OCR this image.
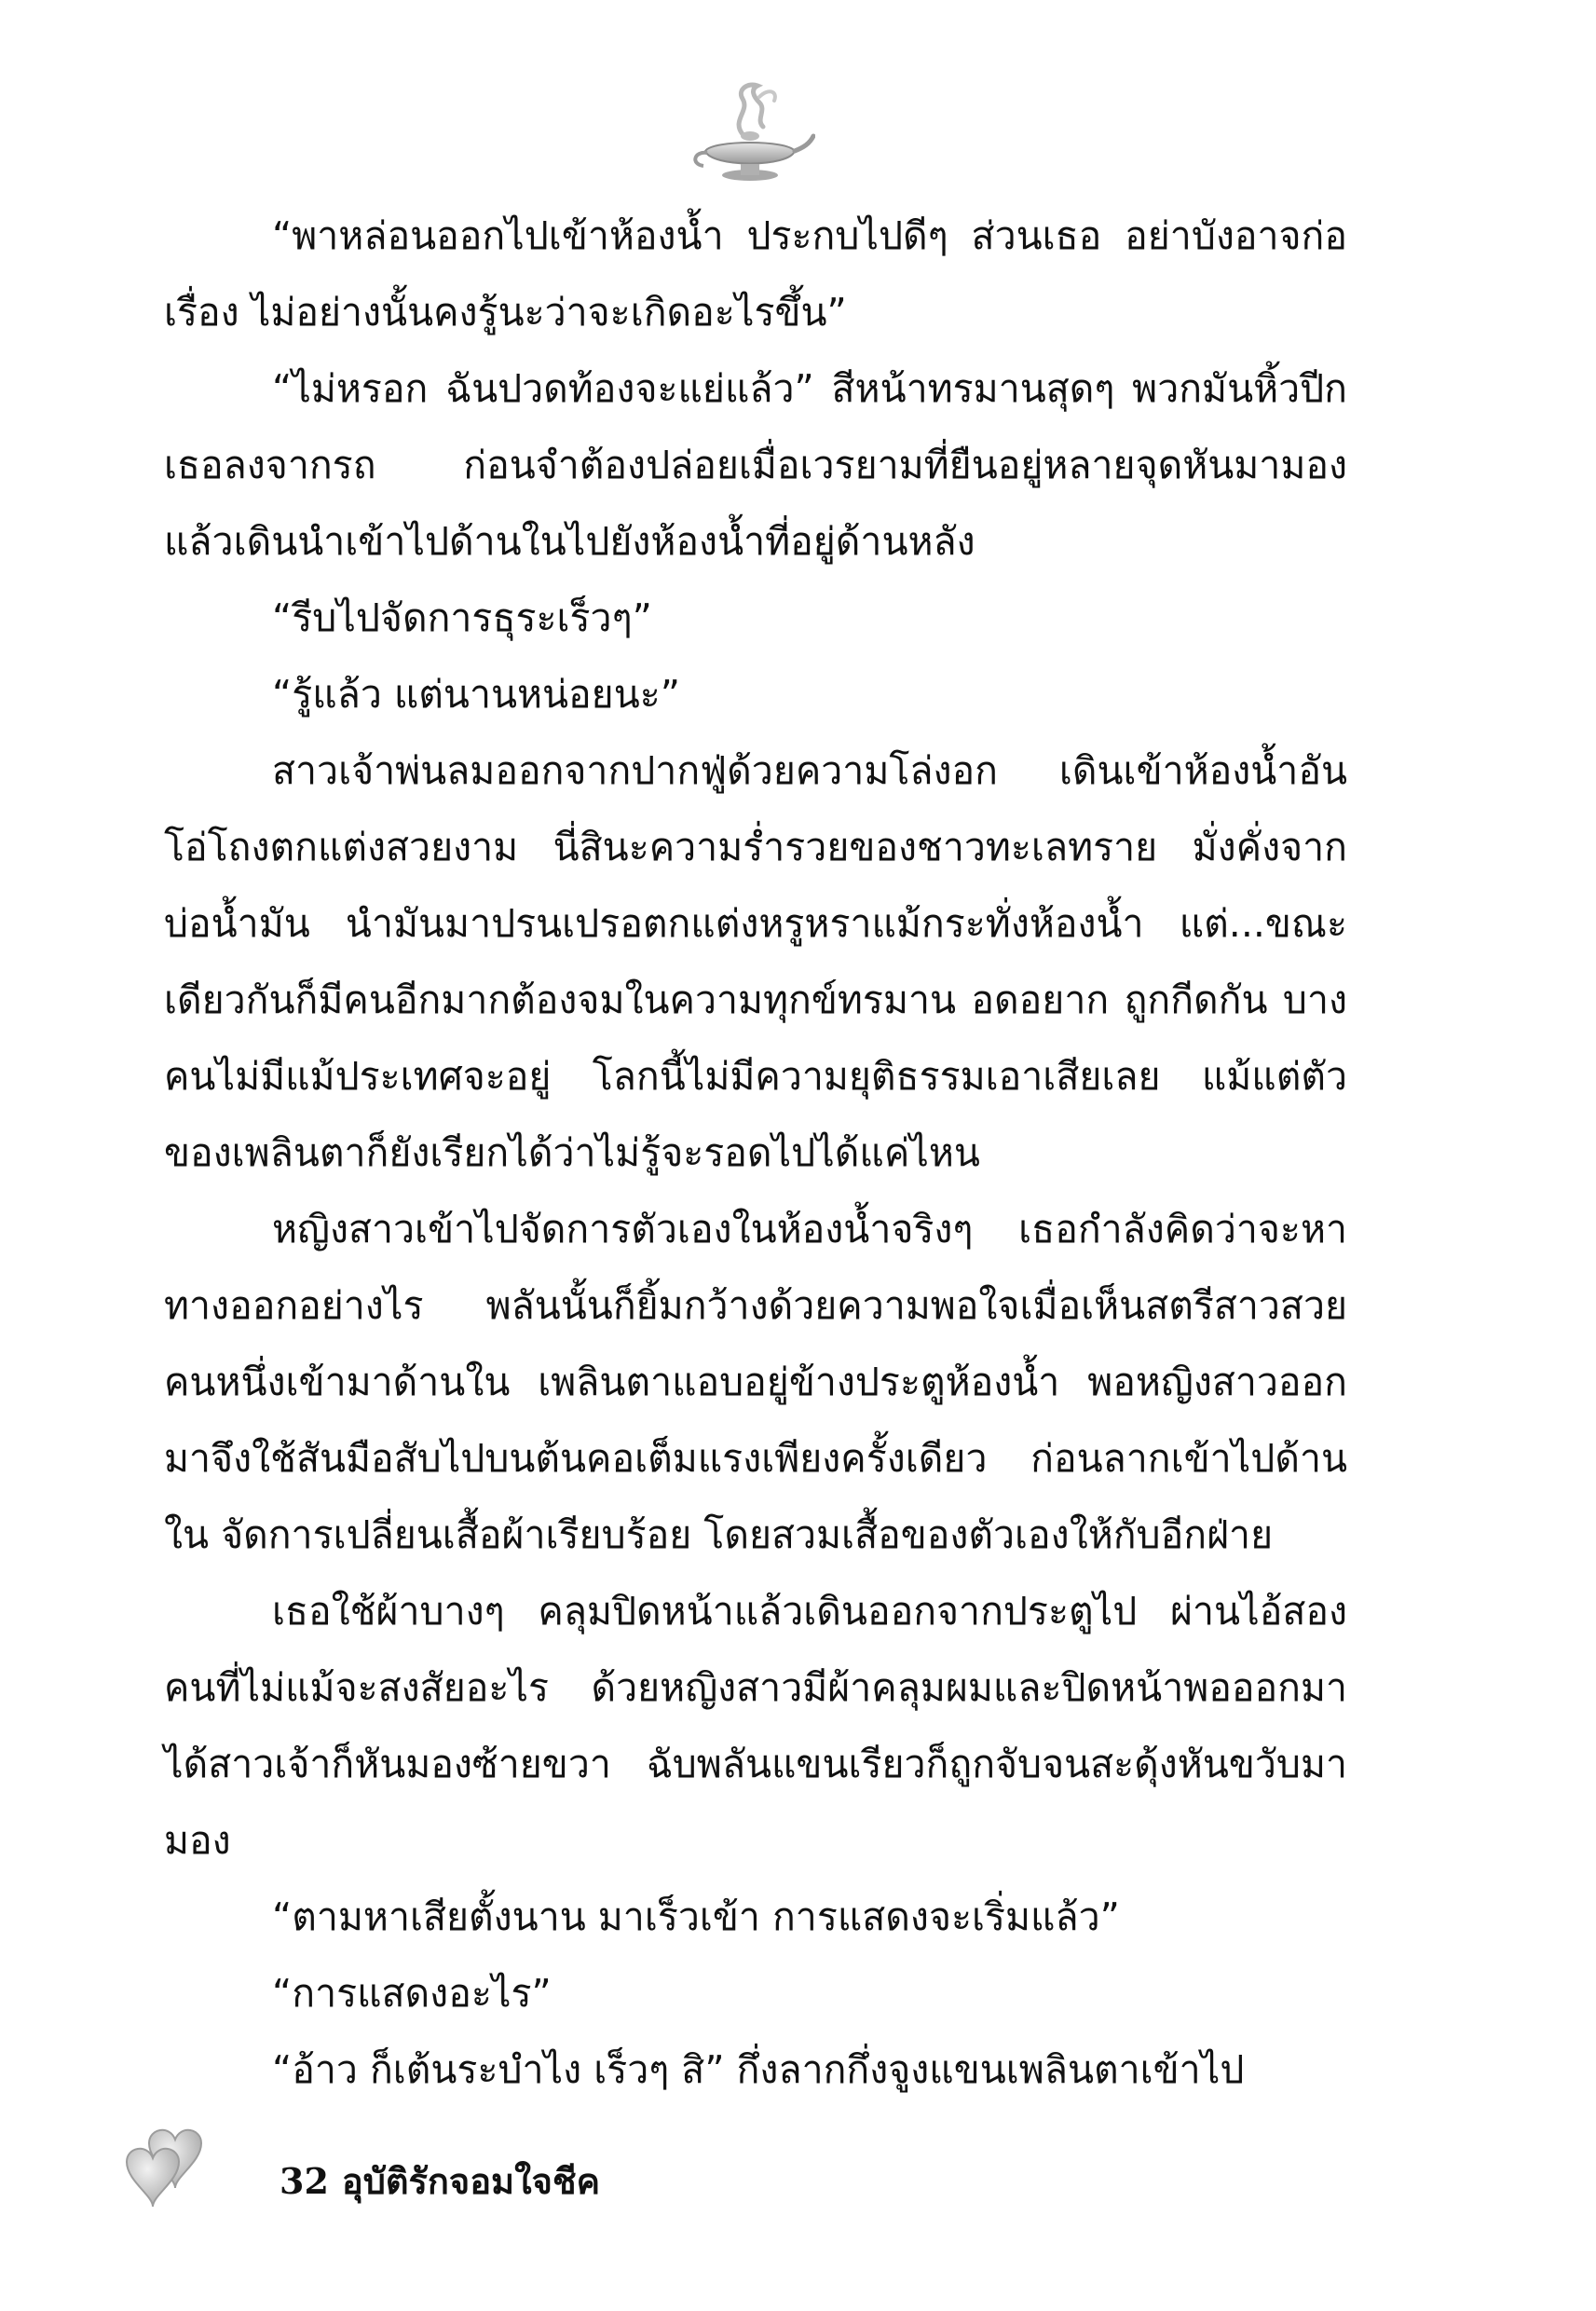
“พาหล่อนออกไปเข้าห้องน้ำ ประกบไปดีๆ ส่วนเธอ อย่าบังอาจก่อเรื่อง ไม่อย่างนั้นคงรู้นะว่าจะเกิดอะไรขึ้น”

“ไม่หรอก ฉันปวดท้องจะแย่แล้ว” สีหน้าทรมานสุดๆ พวกมันหิ้วปีกเธอลงจากรถ ก่อนจำต้องปล่อยเมื่อเวรยามที่ยืนอยู่หลายจุดหันมามอง แล้วเดินนำเข้าไปด้านในไปยังห้องน้ำที่อยู่ด้านหลัง

“รีบไปจัดการธุระเร็วๆ”

“รู้แล้ว แต่นานหน่อยนะ”

สาวเจ้าพ่นลมออกจากปากฟู่ด้วยความโล่งอก เดินเข้าห้องน้ำอันโอ่โถงตกแต่งสวยงาม นี่สินะความร่ำรวยของชาวทะเลทราย มั่งคั่งจากบ่อน้ำมัน นำมันมาปรนเปรอตกแต่งหรูหราแม้กระทั่งห้องน้ำ แต่...ขณะเดียวกันก็มีคนอีกมากต้องจมในความทุกข์ทรมาน อดอยาก ถูกกีดกัน บางคนไม่มีแม้ประเทศจะอยู่ โลกนี้ไม่มีความยุติธรรมเอาเสียเลย แม้แต่ตัวของเพลินตาก็ยังเรียกได้ว่าไม่รู้จะรอดไปได้แค่ไหน

หญิงสาวเข้าไปจัดการตัวเองในห้องน้ำจริงๆ เธอกำลังคิดว่าจะหาทางออกอย่างไร พลันนั้นก็ยิ้มกว้างด้วยความพอใจเมื่อเห็นสตรีสาวสวยคนหนึ่งเข้ามาด้านใน เพลินตาแอบอยู่ข้างประตูห้องน้ำ พอหญิงสาวออกมาจึงใช้สันมือสับไปบนต้นคอเต็มแรงเพียงครั้งเดียว ก่อนลากเข้าไปด้านใน จัดการเปลี่ยนเสื้อผ้าเรียบร้อย โดยสวมเสื้อของตัวเองให้กับอีกฝ่าย

เธอใช้ผ้าบางๆ คลุมปิดหน้าแล้วเดินออกจากประตูไป ผ่านไอ้สองคนที่ไม่แม้จะสงสัยอะไร ด้วยหญิงสาวมีผ้าคลุมผมและปิดหน้าพอออกมาได้สาวเจ้าก็หันมองซ้ายขวา ฉับพลันแขนเรียวก็ถูกจับจนสะดุ้งหันขวับมามอง

“ตามหาเสียตั้งนาน มาเร็วเข้า การแสดงจะเริ่มแล้ว”

“การแสดงอะไร”

“อ้าว ก็เต้นระบำไง เร็วๆ สิ” กึ่งลากกึ่งจูงแขนเพลินตาเข้าไป

32 อุบัติรักจอมใจชีค
